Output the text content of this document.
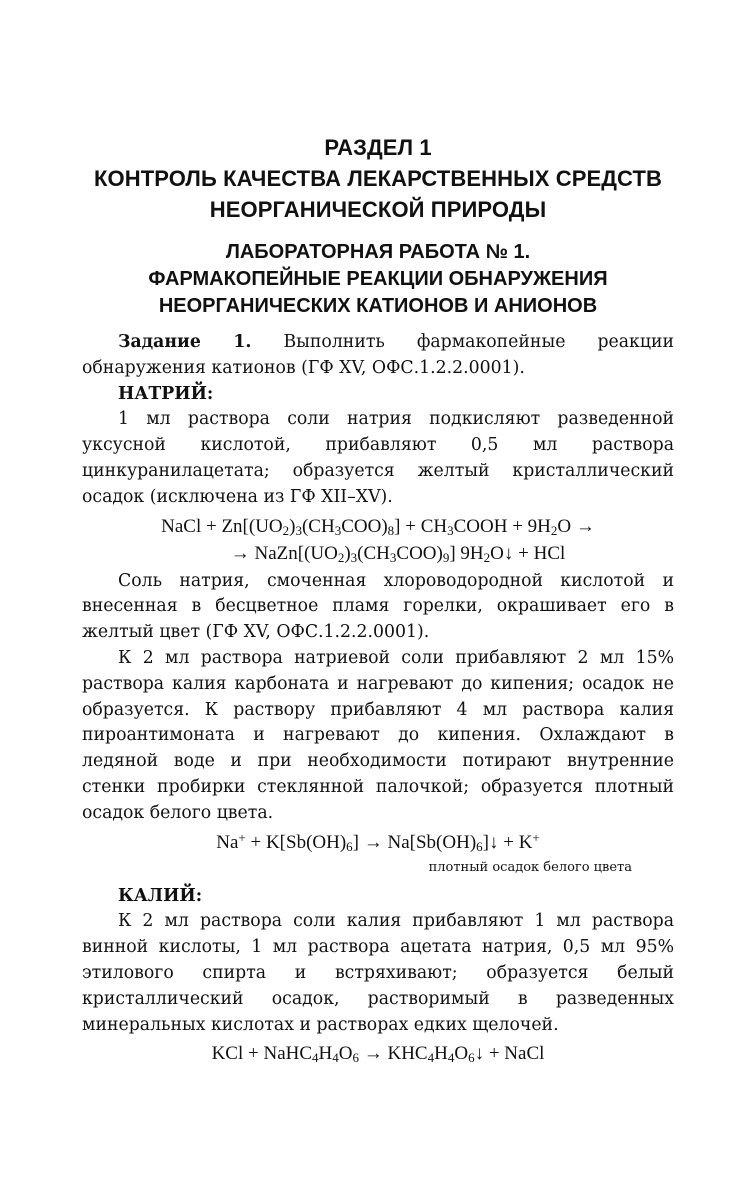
РАЗДЕЛ 1
КОНТРОЛЬ КАЧЕСТВА ЛЕКАРСТВЕННЫХ СРЕДСТВ
НЕОРГАНИЧЕСКОЙ ПРИРОДЫ
ЛАБОРАТОРНАЯ РАБОТА № 1.
ФАРМАКОПЕЙНЫЕ РЕАКЦИИ ОБНАРУЖЕНИЯ
НЕОРГАНИЧЕСКИХ КАТИОНОВ И АНИОНОВ

Задание 1. Выполнить фармакопейные реакции обнаружения катионов (ГФ XV, ОФС.1.2.2.0001).

НАТРИЙ:

1 мл раствора соли натрия подкисляют разведенной уксусной кислотой, прибавляют 0,5 мл раствора цинкуранилацетата; образуется желтый кристаллический осадок (исключена из ГФ XII–XV).

NaCl + $Zn[(UO_2)_3(CH_3COO)_8]$ + $CH_3COOH + 9H_2O$ →
→ $NaZn[(UO_2)_3(CH_3COO)_9]$ $9H_2O↓$ + HCl

Соль натрия, смоченная хлороводородной кислотой и внесенная в бесцветное пламя горелки, окрашивает его в желтый цвет (ГФ XV, ОФС.1.2.2.0001).

К 2 мл раствора натриевой соли прибавляют 2 мл 15% раствора калия карбоната и нагревают до кипения; осадок не образуется. К раствору прибавляют 4 мл раствора калия пироантимоната и нагревают до кипения. Охлаждают в ледяной воде и при необходимости потирают внутренние стенки пробирки стеклянной палочкой; образуется плотный осадок белого цвета.

$Na^+ + K[Sb(OH)_6]$ → $Na[Sb(OH)_6]↓ + K^+$
плотный осадок белого цвета
КАЛИЙ:

К 2 мл раствора соли калия прибавляют 1 мл раствора винной кислоты, 1 мл раствора ацетата натрия, 0,5 мл 95% этилового спирта и встряхивают; образуется белый кристаллический осадок, растворимый в разведенных минеральных кислотах и растворах едких щелочей.

KCl + $NaHC_4H_4O_6$ → $KHC_4H_4O_6↓$ + NaCl
